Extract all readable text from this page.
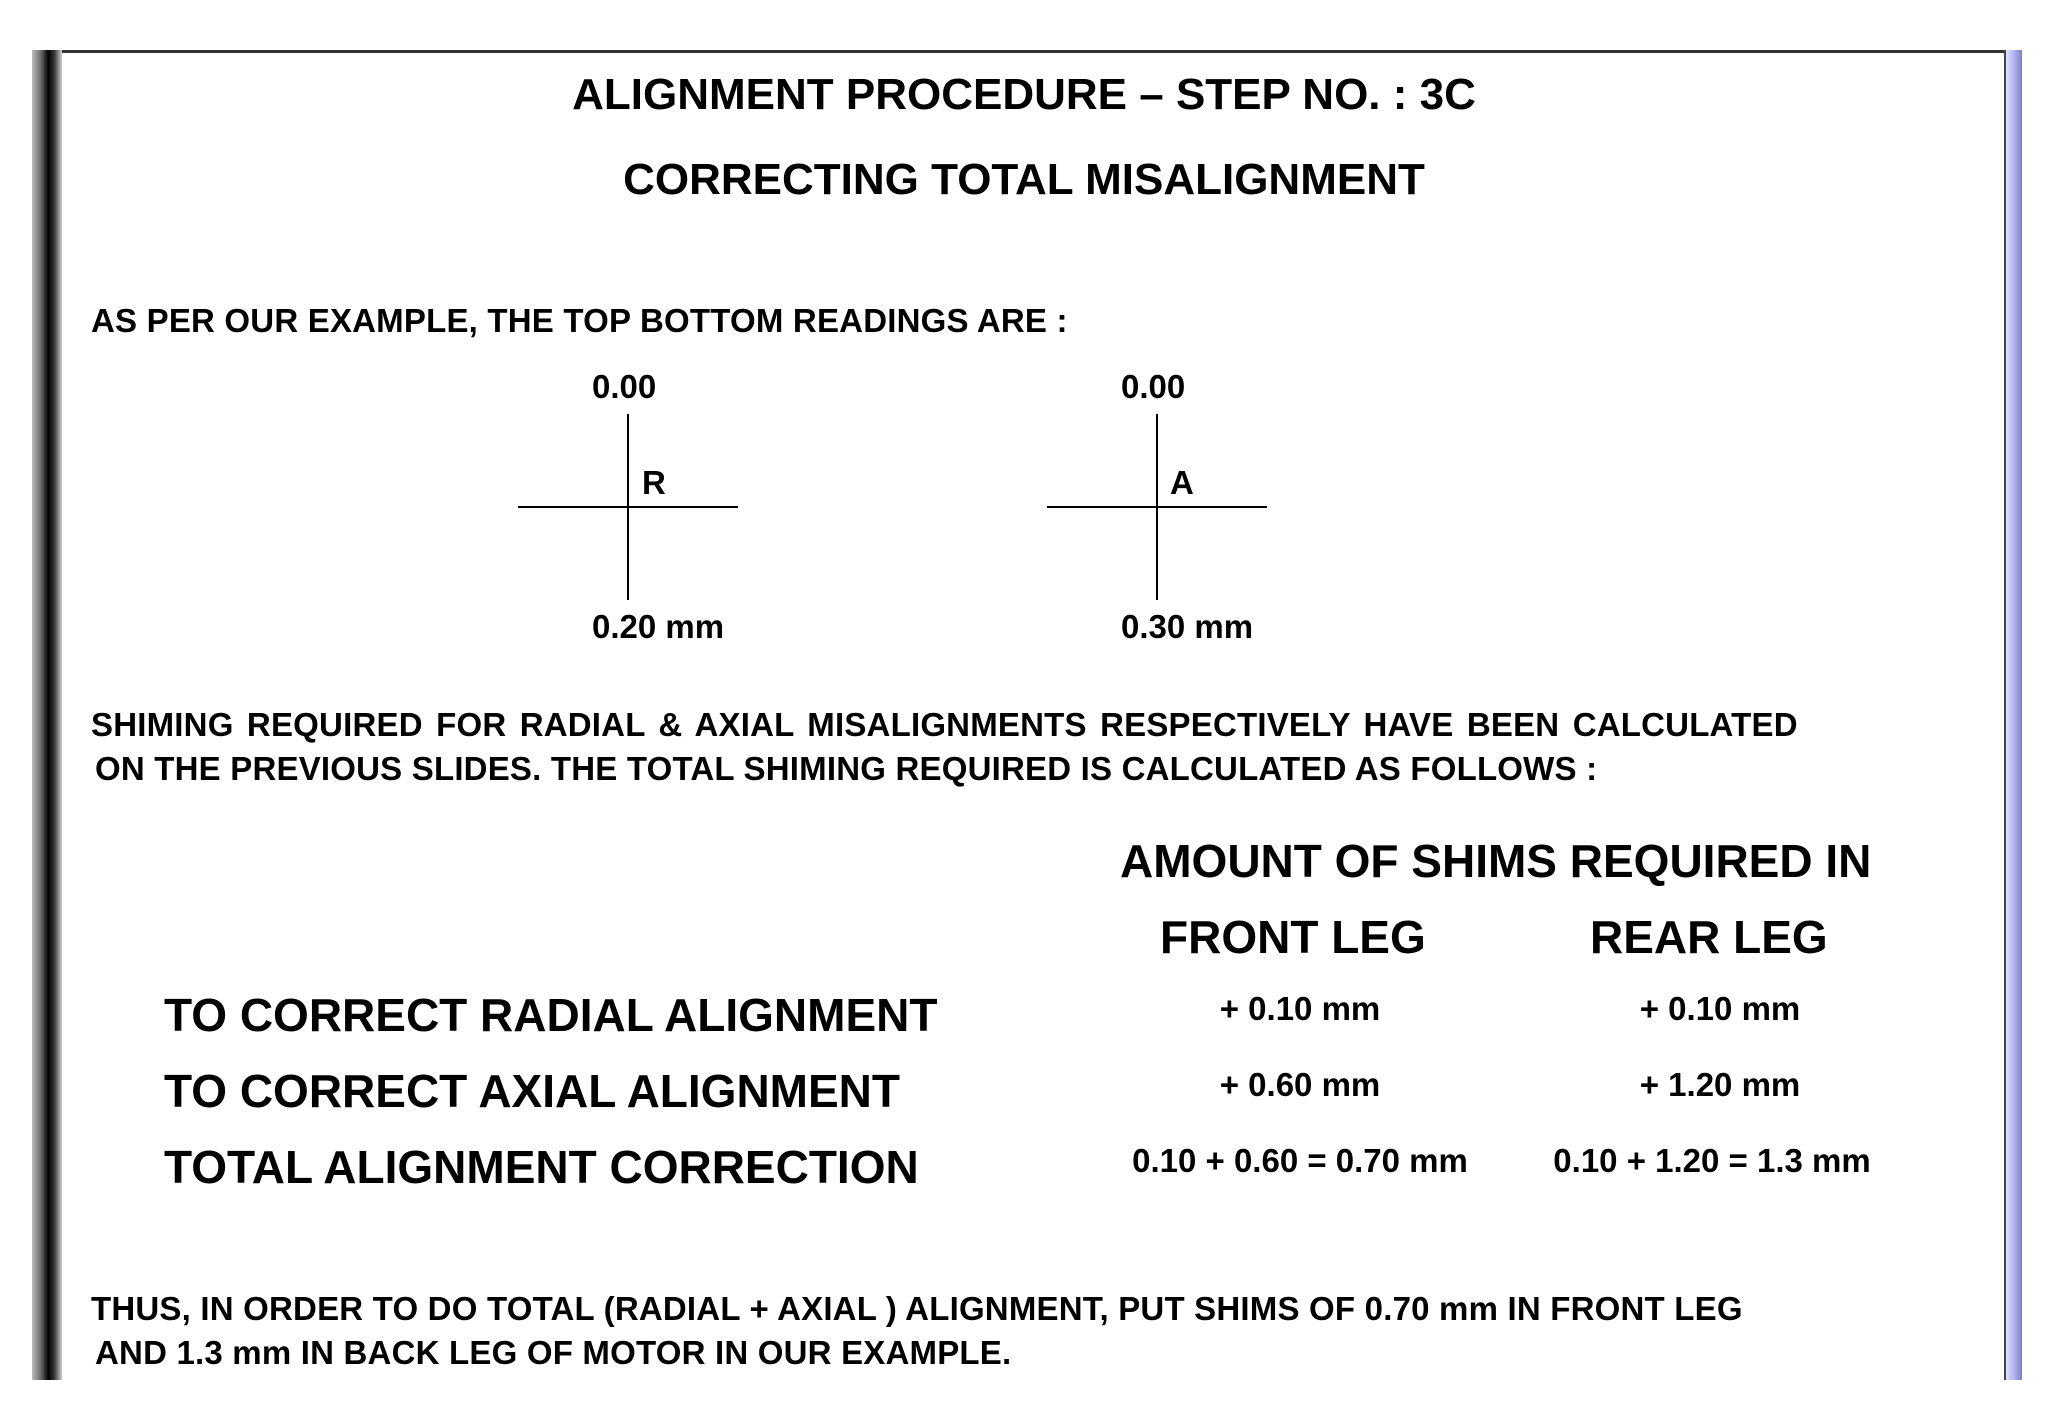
ALIGNMENT PROCEDURE – STEP NO. : 3C
CORRECTING TOTAL MISALIGNMENT
AS PER OUR EXAMPLE, THE TOP BOTTOM READINGS ARE :
0.00
R
0.20 mm
0.00
A
0.30 mm
SHIMING REQUIRED FOR RADIAL & AXIAL MISALIGNMENTS RESPECTIVELY HAVE BEEN CALCULATED
ON THE PREVIOUS SLIDES. THE TOTAL SHIMING REQUIRED IS CALCULATED AS FOLLOWS :
AMOUNT OF SHIMS REQUIRED IN
FRONT LEG	REAR LEG
TO CORRECT RADIAL ALIGNMENT	+ 0.10 mm	+ 0.10 mm
TO CORRECT AXIAL ALIGNMENT	+ 0.60 mm	+ 1.20 mm
TOTAL ALIGNMENT CORRECTION	0.10 + 0.60 = 0.70 mm	0.10 + 1.20 = 1.3 mm
THUS, IN ORDER TO DO TOTAL (RADIAL + AXIAL ) ALIGNMENT, PUT SHIMS OF 0.70 mm IN FRONT LEG
AND 1.3 mm IN BACK LEG OF MOTOR IN OUR EXAMPLE.
